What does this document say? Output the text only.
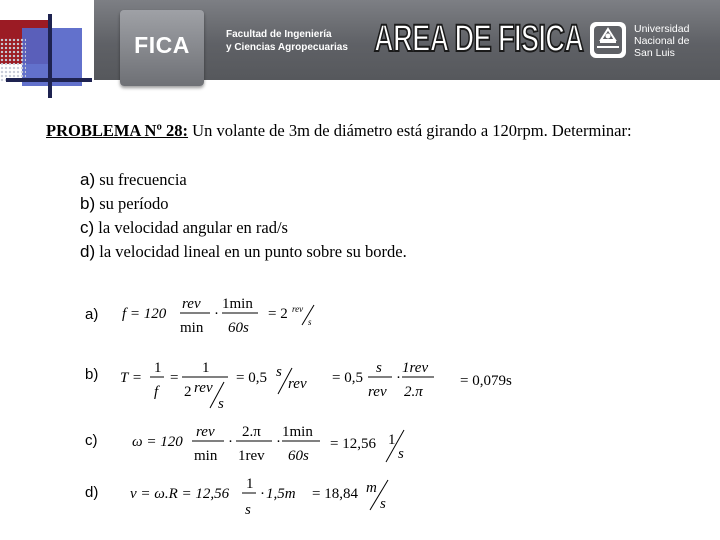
FICA	Facultad de Ingeniería
y Ciencias Agropecuarias AREA DE FISICA	Universidad
Nacional de
San Luis
PROBLEMA Nº 28: Un volante de 3m de diámetro está girando a 120rpm. Determinar:
a) su frecuencia
b) su período
c) la velocidad angular en rad/s
d) la velocidad lineal en un punto sobre su borde.
a) f = 120
rev
min
·
1min
60s
= 2 rev
s
b) T =
1
f
=
1
2 rev
s
= 0,5 s
rev = 0,5
s
rev
·
1rev
2.π
= 0,079s
c) ω = 120
rev
min
·
2.π
1rev
·
1min
60s
= 12,56 1
s
d) v = ω.R = 12,56
1
s
· 1,5m = 18,84 m
s
